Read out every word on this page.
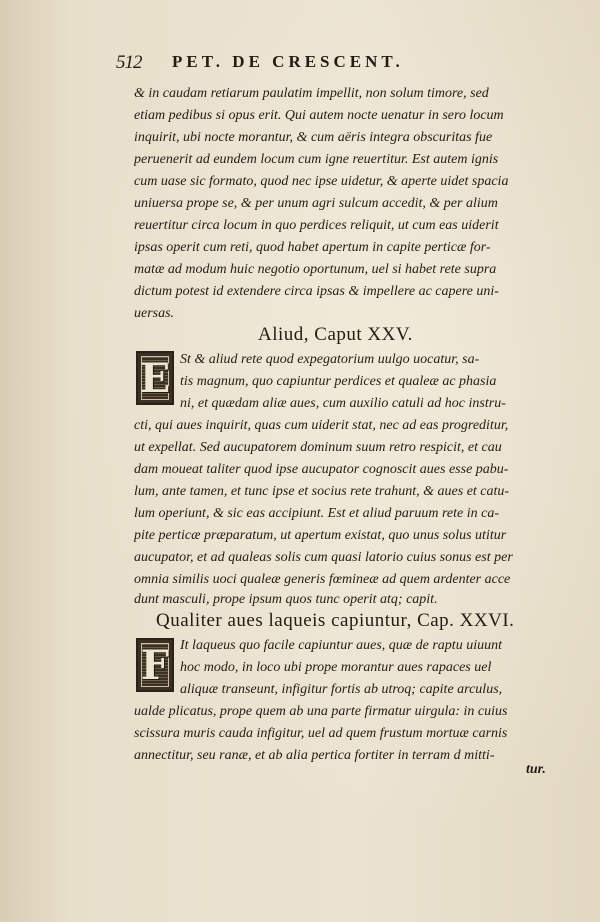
512 PET. DE CRESCENT.
& in caudam retiarum paulatim impellit, non solum timore, sed
etiam pedibus si opus erit. Qui autem nocte uenatur in sero locum
inquirit, ubi nocte morantur, & cum aëris integra obscuritas fue
peruenerit ad eundem locum cum igne reuertitur. Est autem ignis
cum uase sic formato, quod nec ipse uidetur, & aperte uidet spacia
uniuersa prope se, & per unum agri sulcum accedit, & per alium
reuertitur circa locum in quo perdices reliquit, ut cum eas uiderit
ipsas operit cum reti, quod habet apertum in capite perticæ for-
matæ ad modum huic negotio oportunum, uel si habet rete supra
dictum potest id extendere circa ipsas & impellere ac capere uni-
uersas.
Aliud, Caput XXV.
E St & aliud rete quod expegatorium uulgo uocatur, sa-
tis magnum, quo capiuntur perdices et qualeæ ac phasia
ni, et quædam aliæ aues, cum auxilio catuli ad hoc instru-
cti, qui aues inquirit, quas cum uiderit stat, nec ad eas progreditur,
ut expellat. Sed aucupatorem dominum suum retro respicit, et cau
dam moueat taliter quod ipse aucupator cognoscit aues esse pabu-
lum, ante tamen, et tunc ipse et socius rete trahunt, & aues et catu-
lum operiunt, & sic eas accipiunt. Est et aliud paruum rete in ca-
pite perticæ præparatum, ut apertum existat, quo unus solus utitur
aucupator, et ad qualeas solis cum quasi latorio cuius sonus est per
omnia similis uoci qualeæ generis fœmineæ ad quem ardenter acce
dunt masculi, prope ipsum quos tunc operit atq; capit.
Qualiter aues laqueis capiuntur, Cap. XXVI.
F It laqueus quo facile capiuntur aues, quæ de raptu uiuunt
hoc modo, in loco ubi prope morantur aues rapaces uel
aliquæ transeunt, infigitur fortis ab utroq; capite arculus,
ualde plicatus, prope quem ab una parte firmatur uirgula: in cuius
scissura muris cauda infigitur, uel ad quem frustum mortuæ carnis
annectitur, seu ranæ, et ab alia pertica fortiter in terram d mitti-
tur.
